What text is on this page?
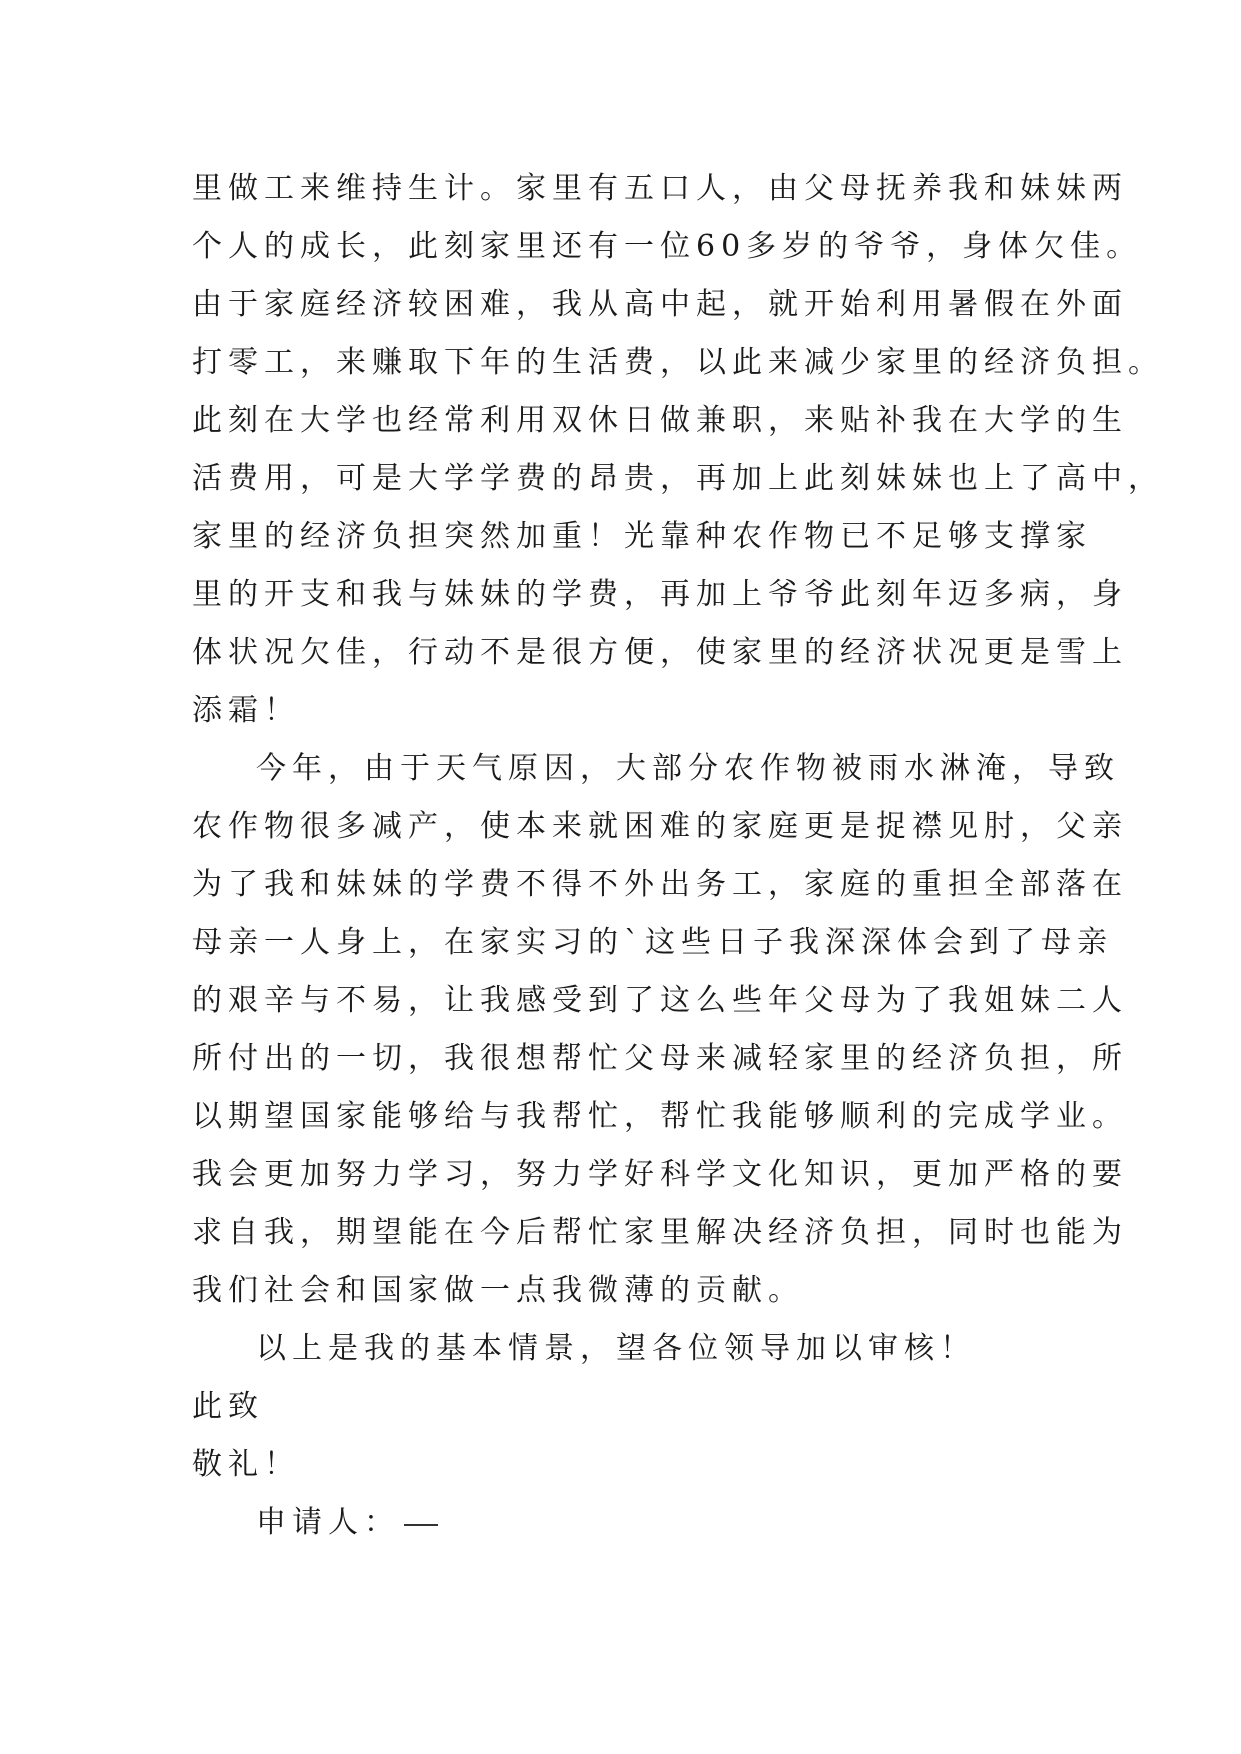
里做工来维持生计。家里有五口人，由父母抚养我和妹妹两
个人的成长，此刻家里还有一位60多岁的爷爷，身体欠佳。
由于家庭经济较困难，我从高中起，就开始利用暑假在外面
打零工，来赚取下年的生活费，以此来减少家里的经济负担。
此刻在大学也经常利用双休日做兼职，来贴补我在大学的生
活费用，可是大学学费的昂贵，再加上此刻妹妹也上了高中，
家里的经济负担突然加重！光靠种农作物已不足够支撑家
里的开支和我与妹妹的学费，再加上爷爷此刻年迈多病，身
体状况欠佳，行动不是很方便，使家里的经济状况更是雪上
添霜！
今年，由于天气原因，大部分农作物被雨水淋淹，导致
农作物很多减产，使本来就困难的家庭更是捉襟见肘，父亲
为了我和妹妹的学费不得不外出务工，家庭的重担全部落在
母亲一人身上，在家实习的`这些日子我深深体会到了母亲
的艰辛与不易，让我感受到了这么些年父母为了我姐妹二人
所付出的一切，我很想帮忙父母来减轻家里的经济负担，所
以期望国家能够给与我帮忙，帮忙我能够顺利的完成学业。
我会更加努力学习，努力学好科学文化知识，更加严格的要
求自我，期望能在今后帮忙家里解决经济负担，同时也能为
我们社会和国家做一点我微薄的贡献。
以上是我的基本情景，望各位领导加以审核！
此致
敬礼！
申请人：
